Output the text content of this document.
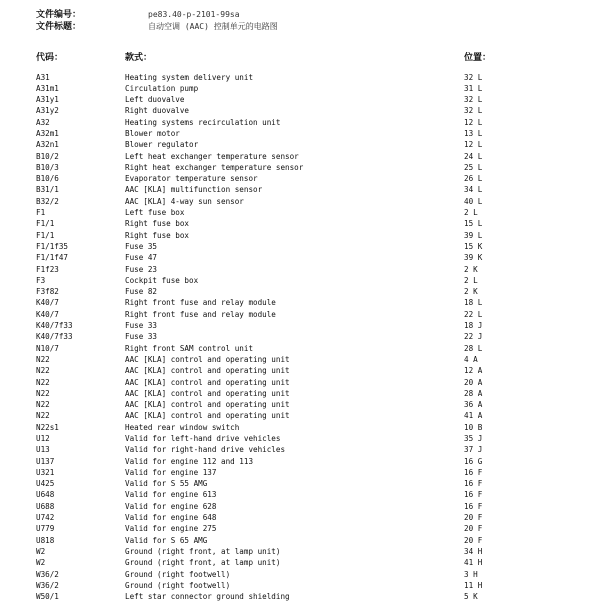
文件编号：	pe83.40-p-2101-99sa
文件标题：	自动空调 (AAC) 控制单元的电路图
代码：	款式：	位置：
A31	Heating system delivery unit	32 L
A31m1	Circulation pump	31 L
A31y1	Left duovalve	32 L
A31y2	Right duovalve	32 L
A32	Heating systems recirculation unit	12 L
A32m1	Blower motor	13 L
A32n1	Blower regulator	12 L
B10/2	Left heat exchanger temperature sensor	24 L
B10/3	Right heat exchanger temperature sensor	25 L
B10/6	Evaporator temperature sensor	26 L
B31/1	AAC [KLA] multifunction sensor	34 L
B32/2	AAC [KLA] 4-way sun sensor	40 L
F1	Left fuse box	2 L
F1/1	Right fuse box	15 L
F1/1	Right fuse box	39 L
F1/1f35	Fuse 35	15 K
F1/1f47	Fuse 47	39 K
F1f23	Fuse 23	2 K
F3	Cockpit fuse box	2 L
F3f82	Fuse 82	2 K
K40/7	Right front fuse and relay module	18 L
K40/7	Right front fuse and relay module	22 L
K40/7f33	Fuse 33	18 J
K40/7f33	Fuse 33	22 J
N10/7	Right front SAM control unit	28 L
N22	AAC [KLA] control and operating unit	4 A
N22	AAC [KLA] control and operating unit	12 A
N22	AAC [KLA] control and operating unit	20 A
N22	AAC [KLA] control and operating unit	28 A
N22	AAC [KLA] control and operating unit	36 A
N22	AAC [KLA] control and operating unit	41 A
N22s1	Heated rear window switch	10 B
U12	Valid for left-hand drive vehicles	35 J
U13	Valid for right-hand drive vehicles	37 J
U137	Valid for engine 112 and 113	16 G
U321	Valid for engine 137	16 F
U425	Valid for S 55 AMG	16 F
U648	Valid for engine 613	16 F
U688	Valid for engine 628	16 F
U742	Valid for engine 648	20 F
U779	Valid for engine 275	20 F
U818	Valid for S 65 AMG	20 F
W2	Ground (right front, at lamp unit)	34 H
W2	Ground (right front, at lamp unit)	41 H
W36/2	Ground (right footwell)	3 H
W36/2	Ground (right footwell)	11 H
W50/1	Left star connector ground shielding	5 K
